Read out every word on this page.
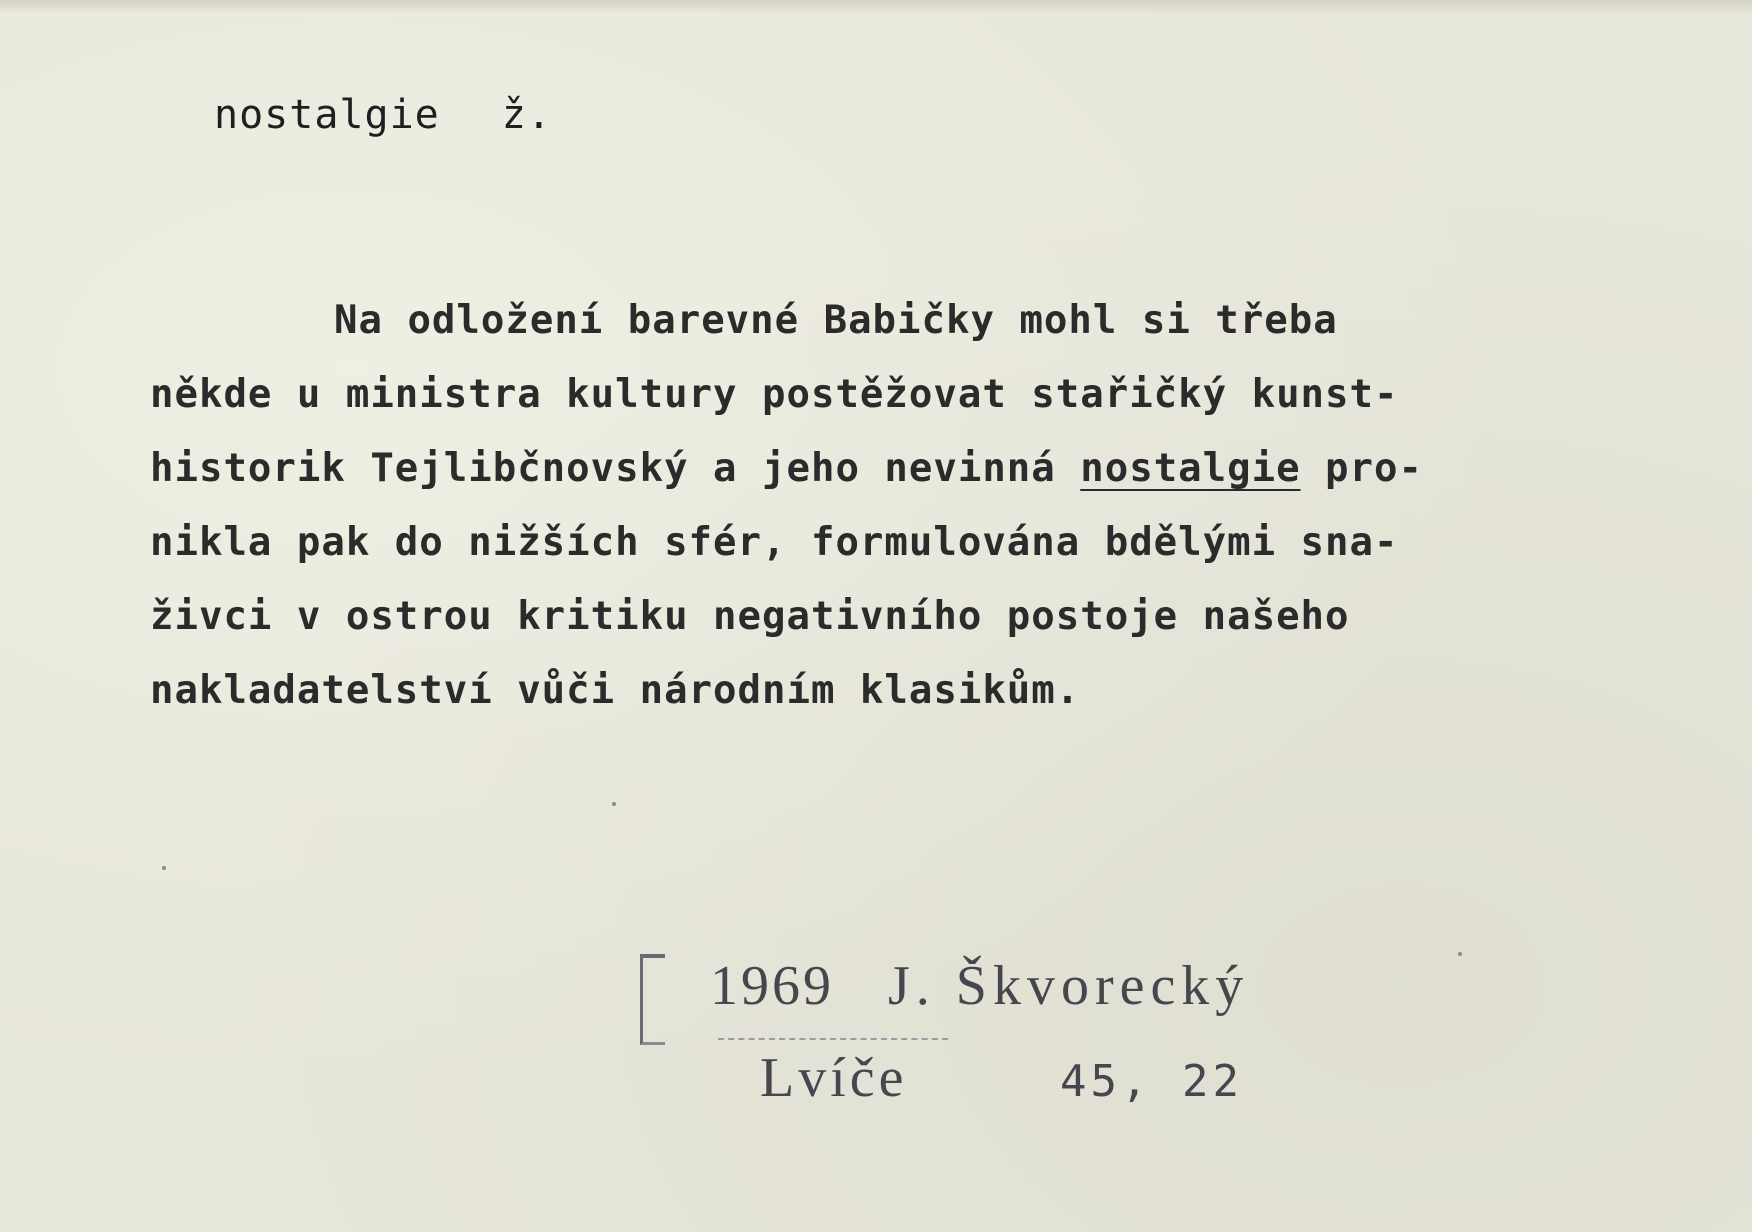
nostalgie ž.
Na odložení barevné Babičky mohl si třeba
někde u ministra kultury postěžovat stařičký kunst-
historik Tejlibčnovský a jeho nevinná nostalgie pro-
nikla pak do nižších sfér, formulována bdělými sna-
živci v ostrou kritiku negativního postoje našeho
nakladatelství vůči národním klasikům.
1969 J. Škvorecký
Lvíče	45, 22
